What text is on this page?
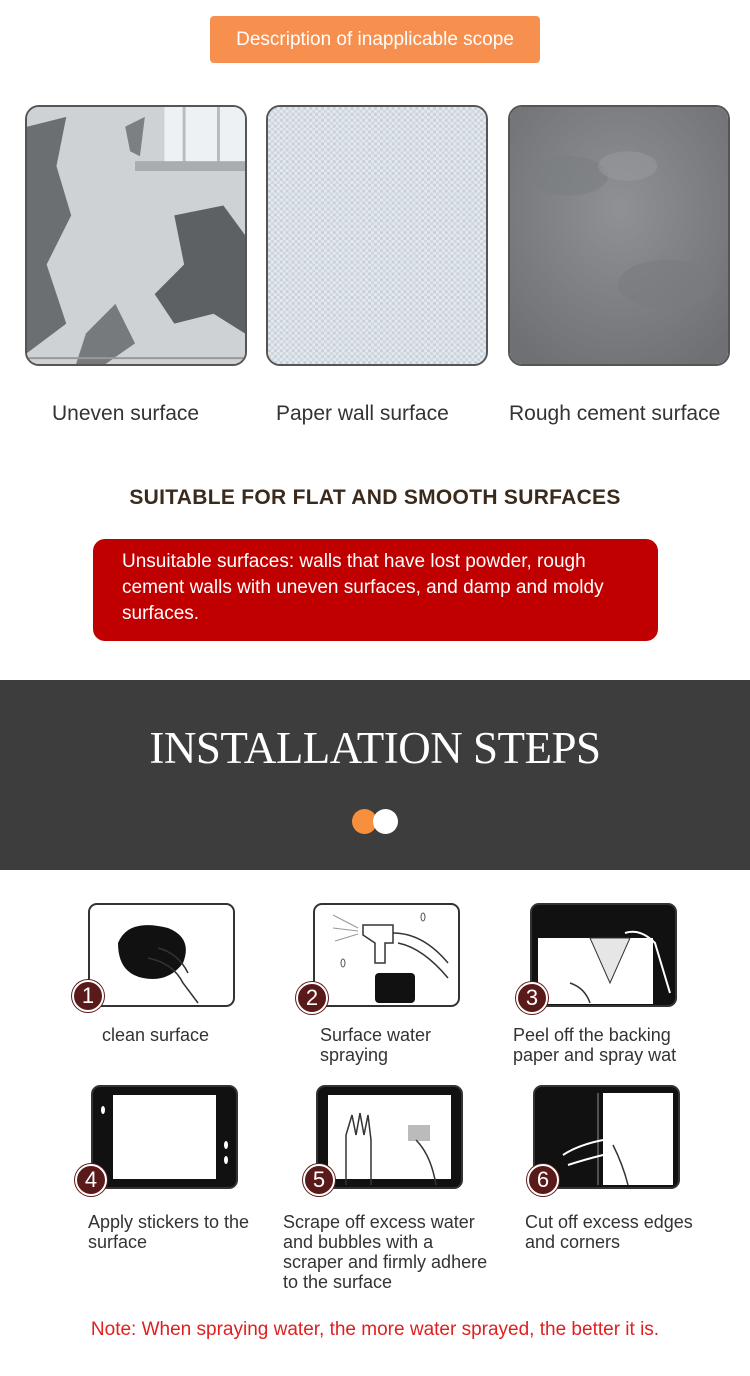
Description of inapplicable scope
Uneven surface	Paper wall surface	Rough cement surface
SUITABLE FOR FLAT AND SMOOTH SURFACES
Unsuitable surfaces: walls that have lost powder, rough cement walls with uneven surfaces, and damp and moldy surfaces.
INSTALLATION STEPS
1
clean surface
2
Surface water spraying
3
Peel off the backing paper and spray wat
4
Apply stickers to the surface
5
Scrape off excess water and bubbles with a scraper and firmly adhere to the surface
6
Cut off excess edges and corners
Note: When spraying water, the more water sprayed, the better it is.
